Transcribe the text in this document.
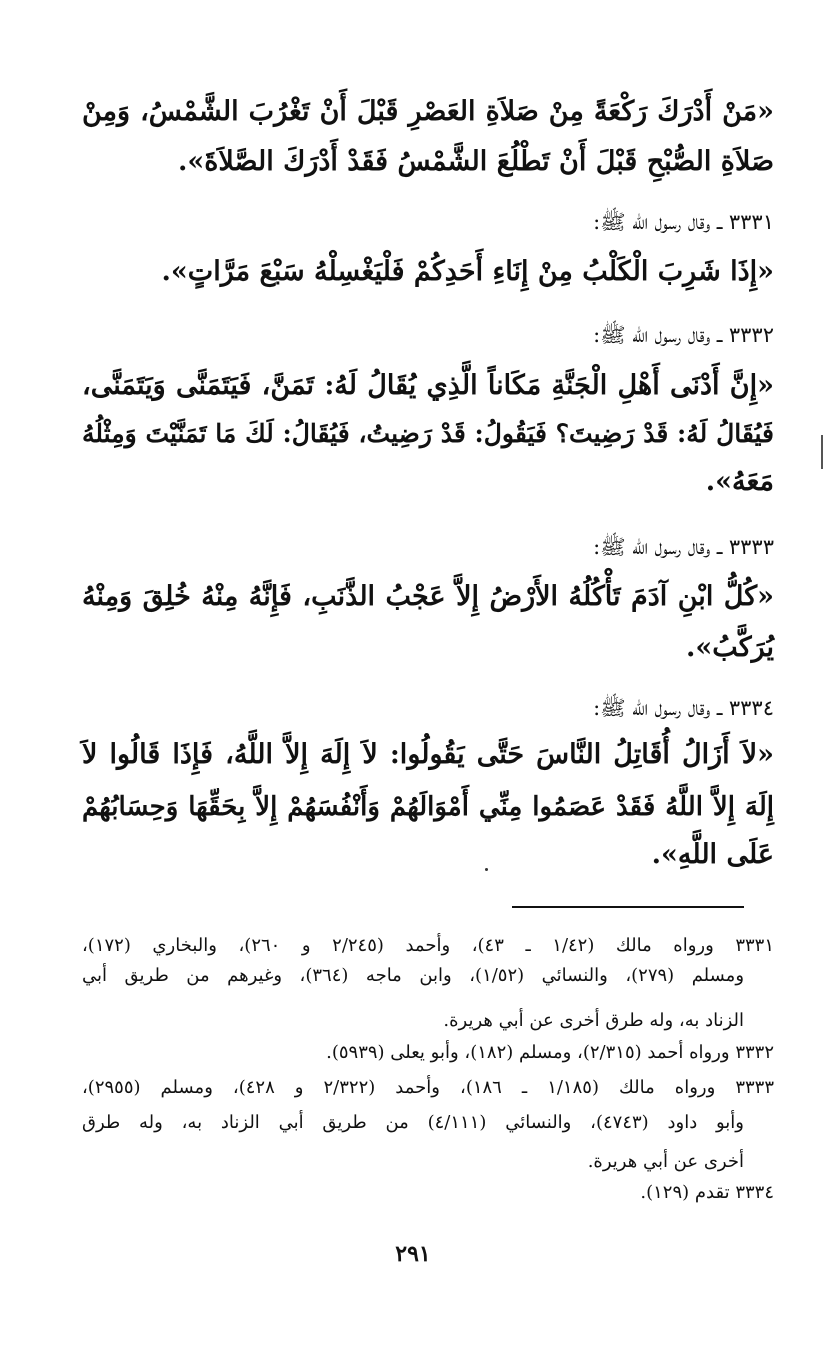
«مَنْ أَدْرَكَ رَكْعَةً مِنْ صَلاَةِ العَصْرِ قَبْلَ أَنْ تَغْرُبَ الشَّمْسُ، وَمِنْ
صَلاَةِ الصُّبْحِ قَبْلَ أَنْ تَطْلُعَ الشَّمْسُ فَقَدْ أَدْرَكَ الصَّلاَةَ».
٣٣٣١ ــ وقال رسول الله ﷺ:
«إِذَا شَرِبَ الْكَلْبُ مِنْ إِنَاءِ أَحَدِكُمْ فَلْيَغْسِلْهُ سَبْعَ مَرَّاتٍ».
٣٣٣٢ ــ وقال رسول الله ﷺ:
«إِنَّ أَدْنَى أَهْلِ الْجَنَّةِ مَكَاناً الَّذِي يُقَالُ لَهُ: تَمَنَّ، فَيَتَمَنَّى وَيَتَمَنَّى،
فَيُقَالُ لَهُ: قَدْ رَضِيتَ؟ فَيَقُولُ: قَدْ رَضِيتُ، فَيُقَالُ: لَكَ مَا تَمَنَّيْتَ وَمِثْلُهُ
مَعَهُ».
٣٣٣٣ ــ وقال رسول الله ﷺ:
«كُلُّ ابْنِ آدَمَ تَأْكُلُهُ الأَرْضُ إِلاَّ عَجْبُ الذَّنَبِ، فَإِنَّهُ مِنْهُ خُلِقَ وَمِنْهُ
يُرَكَّبُ».
٣٣٣٤ ــ وقال رسول الله ﷺ:
«لاَ أَزَالُ أُقَاتِلُ النَّاسَ حَتَّى يَقُولُوا: لاَ إِلَهَ إِلاَّ اللَّهُ، فَإِذَا قَالُوا لاَ
إِلَهَ إِلاَّ اللَّهُ فَقَدْ عَصَمُوا مِنِّي أَمْوَالَهُمْ وَأَنْفُسَهُمْ إِلاَّ بِحَقِّهَا وَحِسَابُهُمْ
عَلَى اللَّهِ».
٣٣٣١ ورواه مالك (١/٤٢ ـ ٤٣)، وأحمد (٢/٢٤٥ و ٢٦٠)، والبخاري (١٧٢)،
ومسلم (٢٧٩)، والنسائي (١/٥٢)، وابن ماجه (٣٦٤)، وغيرهم من طريق أبي
الزناد به، وله طرق أخرى عن أبي هريرة.
٣٣٣٢ ورواه أحمد (٢/٣١٥)، ومسلم (١٨٢)، وأبو يعلى (٥٩٣٩).
٣٣٣٣ ورواه مالك (١/١٨٥ ـ ١٨٦)، وأحمد (٢/٣٢٢ و ٤٢٨)، ومسلم (٢٩٥٥)،
وأبو داود (٤٧٤٣)، والنسائي (٤/١١١) من طريق أبي الزناد به، وله طرق
أخرى عن أبي هريرة.
٣٣٣٤ تقدم (١٢٩).
٢٩١
